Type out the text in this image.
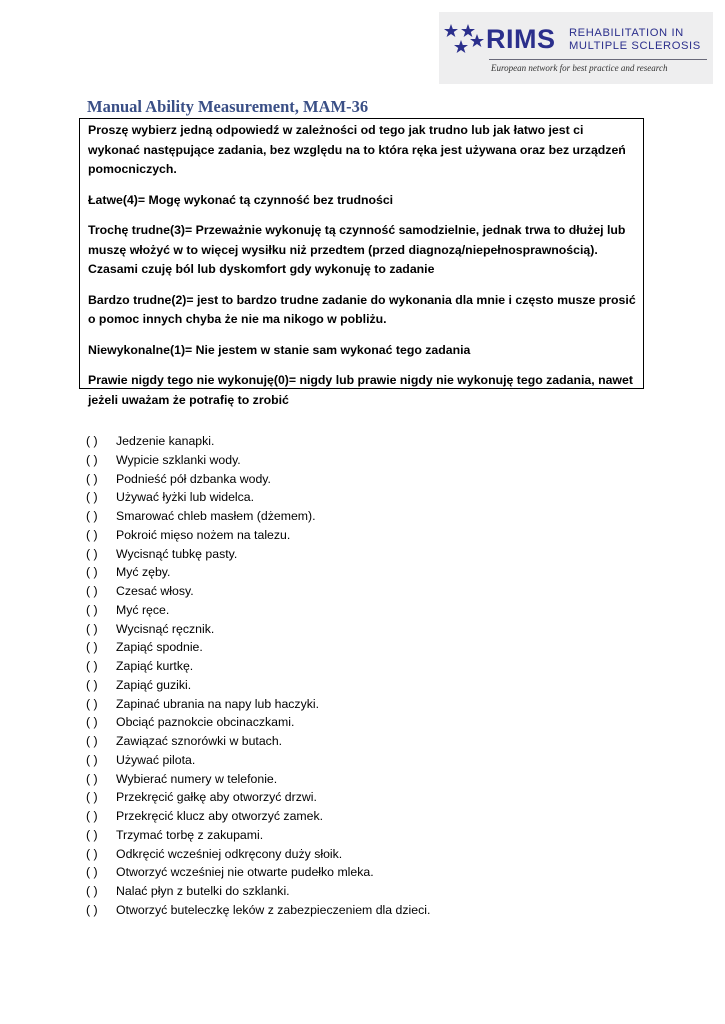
RIMS REHABILITATION IN
MULTIPLE SCLEROSIS
European network for best practice and research
Manual Ability Measurement, MAM-36

Proszę wybierz jedną odpowiedź w zależności od tego jak trudno lub jak łatwo jest ci wykonać następujące zadania, bez względu na to która ręka jest używana oraz bez urządzeń pomocniczych.

Łatwe(4)= Mogę wykonać tą czynność bez trudności

Trochę trudne(3)= Przeważnie wykonuję tą czynność samodzielnie, jednak trwa to dłużej lub muszę włożyć w to więcej wysiłku niż przedtem (przed diagnozą/niepełnosprawnością). Czasami czuję ból lub dyskomfort gdy wykonuję to zadanie

Bardzo trudne(2)= jest to bardzo trudne zadanie do wykonania dla mnie i często musze prosić o pomoc innych chyba że nie ma nikogo w pobliżu.

Niewykonalne(1)= Nie jestem w stanie sam wykonać tego zadania

Prawie nigdy tego nie wykonuję(0)= nigdy lub prawie nigdy nie wykonuję tego zadania, nawet jeżeli uważam że potrafię to zrobić

( ) Jedzenie kanapki.
( ) Wypicie szklanki wody.
( ) Podnieść pół dzbanka wody.
( ) Używać łyżki lub widelca.
( ) Smarować chleb masłem (dżemem).
( ) Pokroić mięso nożem na talezu.
( ) Wycisnąć tubkę pasty.
( ) Myć zęby.
( ) Czesać włosy.
( ) Myć ręce.
( ) Wycisnąć ręcznik.
( ) Zapiąć spodnie.
( ) Zapiąć kurtkę.
( ) Zapiąć guziki.
( ) Zapinać ubrania na napy lub haczyki.
( ) Obciąć paznokcie obcinaczkami.
( ) Zawiązać sznorówki w butach.
( ) Używać pilota.
( ) Wybierać numery w telefonie.
( ) Przekręcić gałkę aby otworzyć drzwi.
( ) Przekręcić klucz aby otworzyć zamek.
( ) Trzymać torbę z zakupami.
( ) Odkręcić wcześniej odkręcony duży słoik.
( ) Otworzyć wcześniej nie otwarte pudełko mleka.
( ) Nalać płyn z butelki do szklanki.
( ) Otworzyć buteleczkę leków z zabezpieczeniem dla dzieci.
